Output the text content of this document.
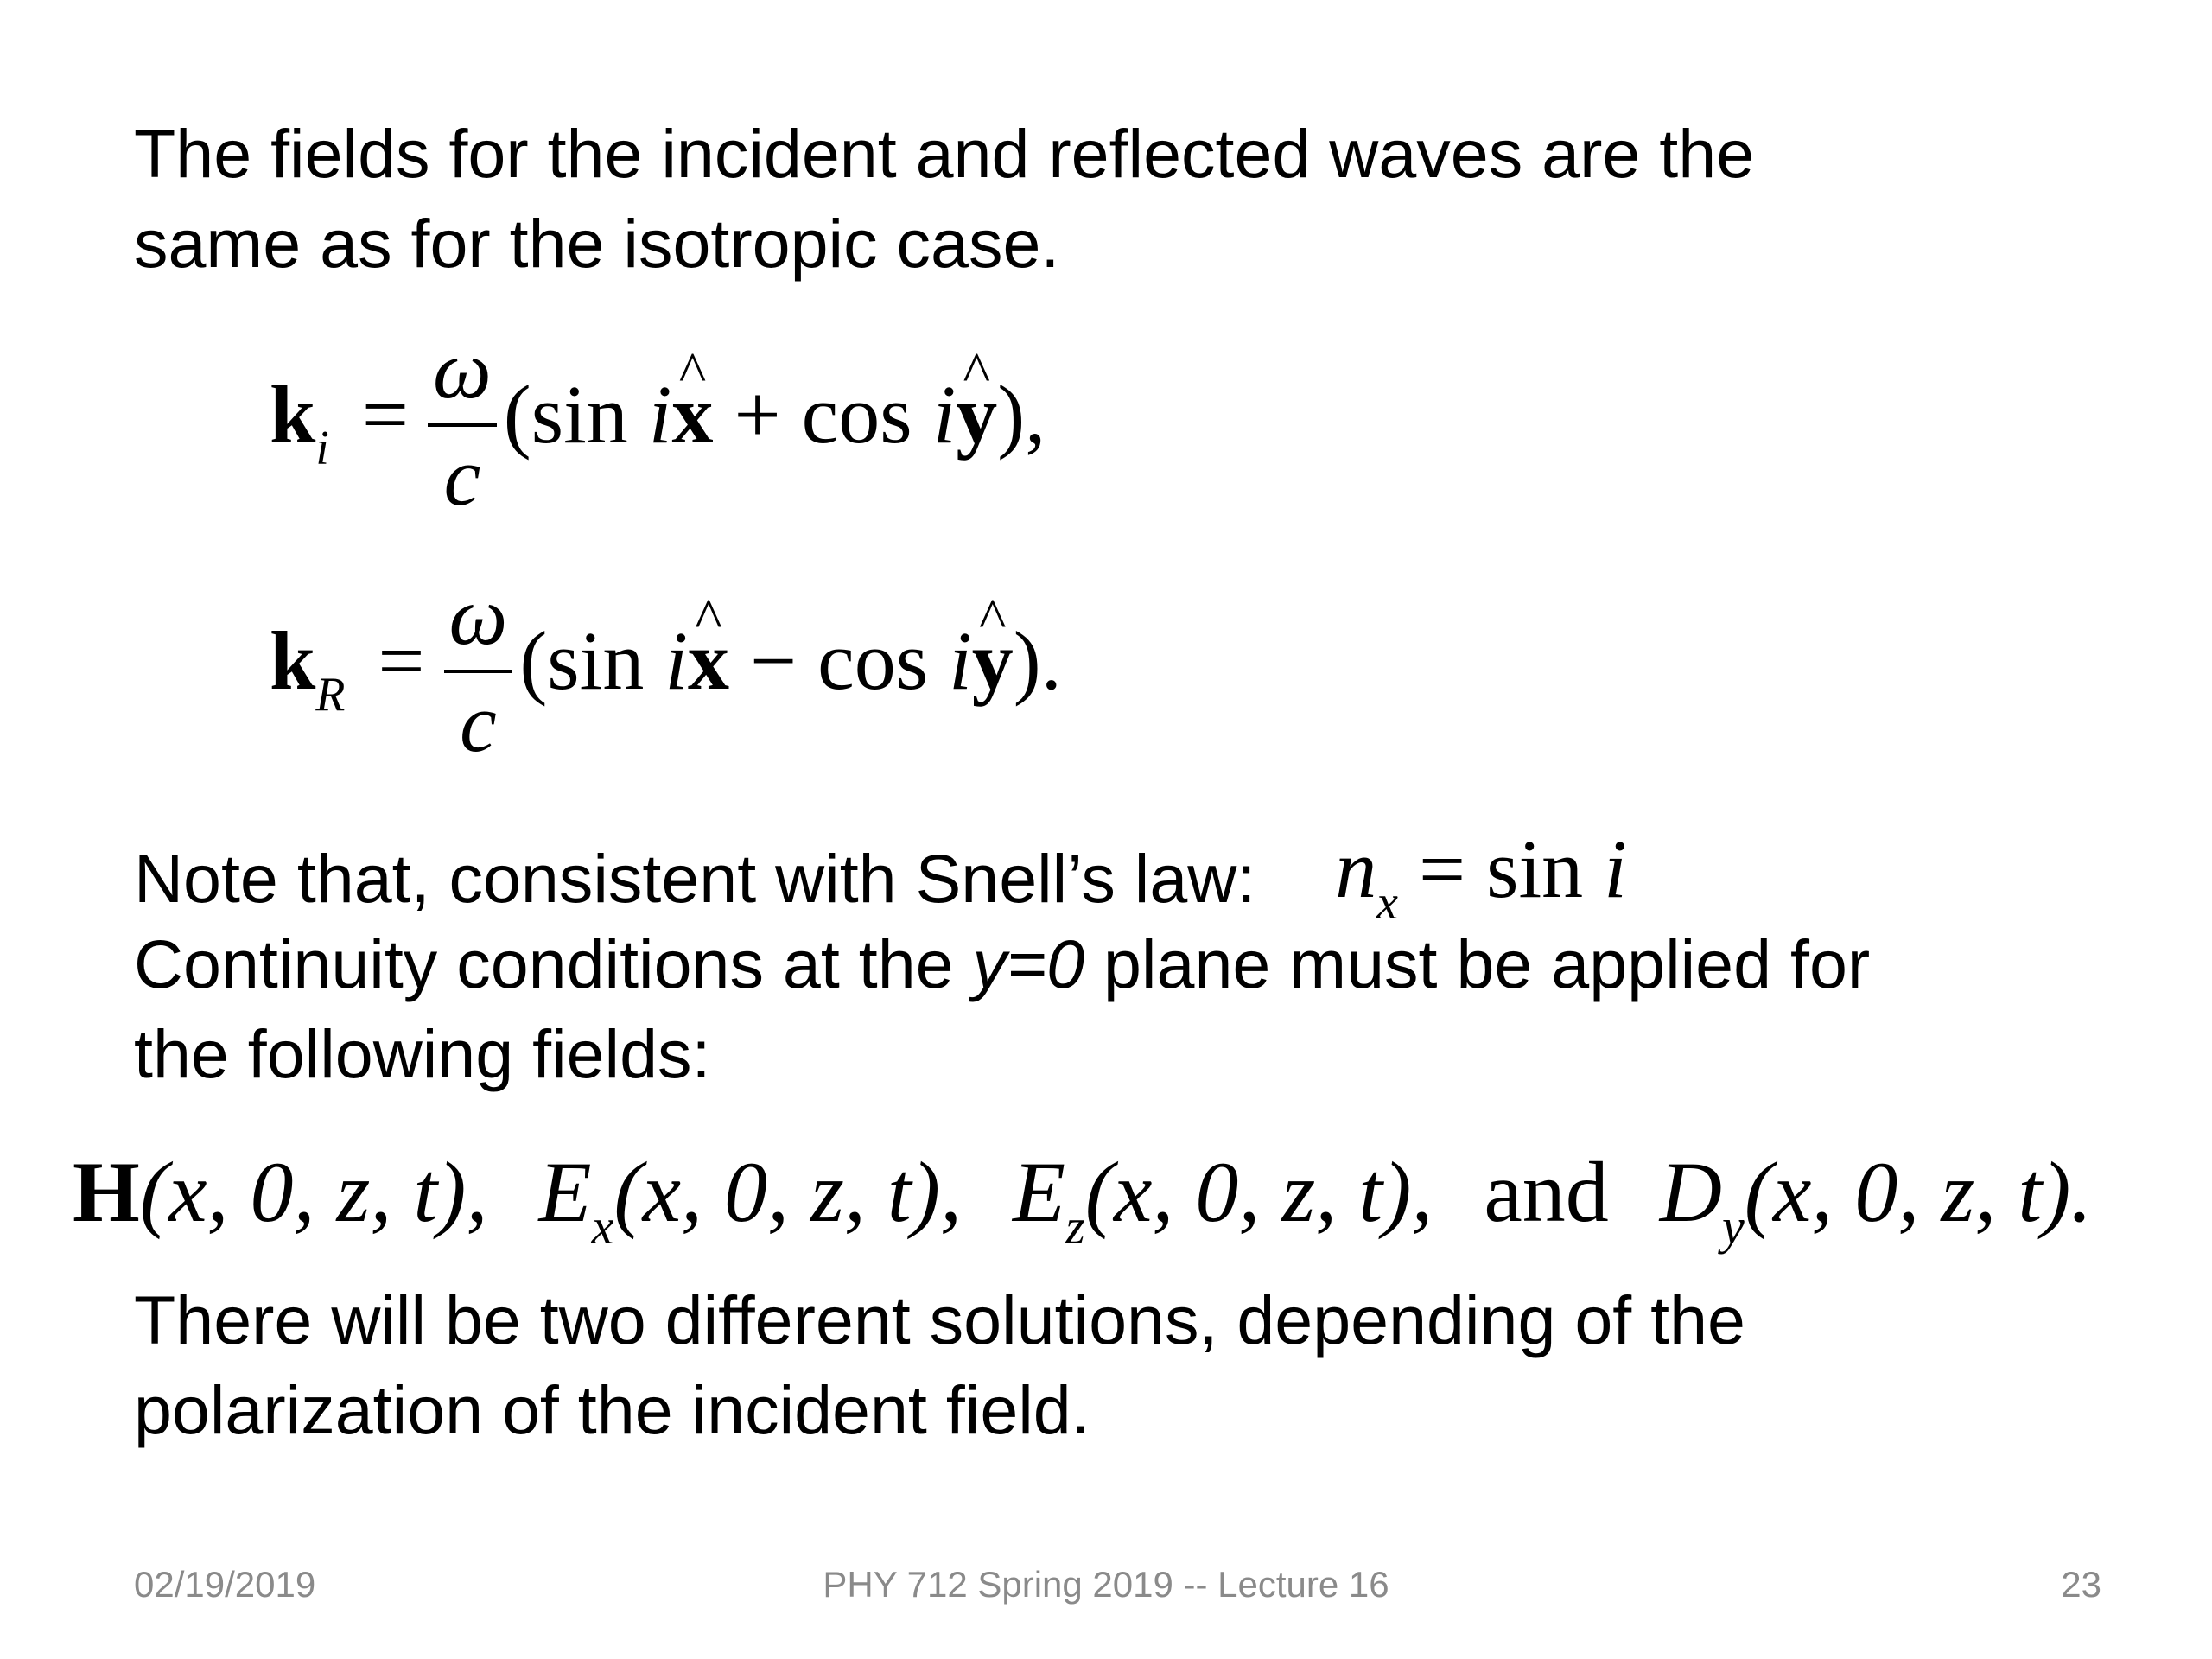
The fields for the incident and reflected waves are the

same as for the isotropic case.

$k_i = \frac{\omega}{c} (\sin$ i^ x + cos i^ y),
$k_R = \frac{\omega}{c} (\sin$ i^ x − cos i^ y).

Note that, consistent with Snell’s law: $n_x = \sin i$

Continuity conditions at the y=0 plane must be applied for

the following fields:

H(x, 0, z, t), $E_x(x$, 0, z, t), $E_z(x$, 0, z, t), and $D_y(x$, 0, z, t).

There will be two different solutions, depending of the

polarization of the incident field.

02/19/2019	PHY 712 Spring 2019 -- Lecture 16	23
